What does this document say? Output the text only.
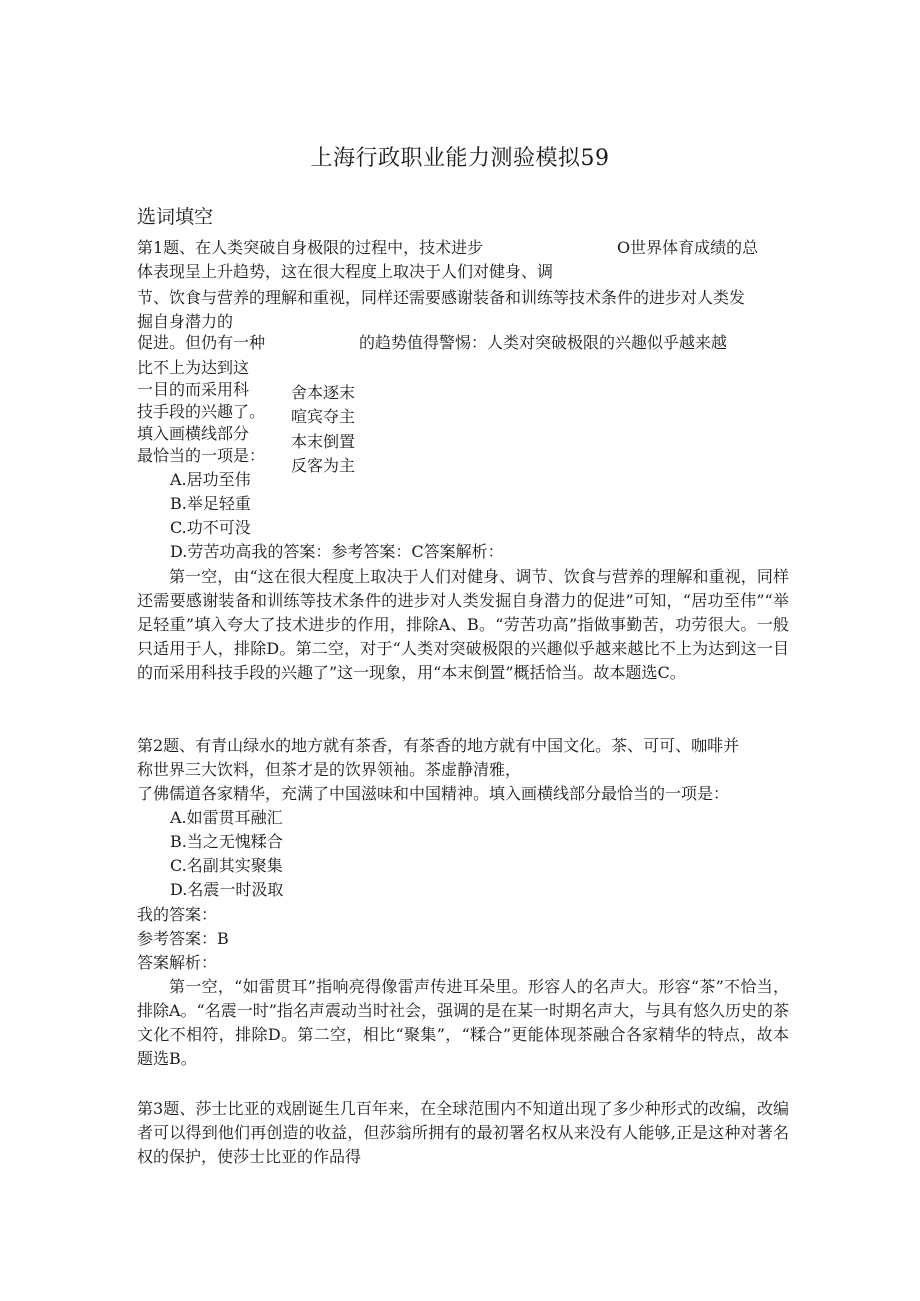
上海行政职业能力测验模拟59
选词填空
第1题、在人类突破自身极限的过程中，技术进步	O世界体育成绩的总
体表现呈上升趋势，这在很大程度上取决于人们对健身、调
节、饮食与营养的理解和重视，同样还需要感谢装备和训练等技术条件的进步对人类发
掘自身潜力的
促进。但仍有一种	的趋势值得警惕：人类对突破极限的兴趣似乎越来越
比不上为达到这
一目的而采用科
技手段的兴趣了。
填入画横线部分
最恰当的一项是：
舍本逐末
喧宾夺主
本末倒置
反客为主
A.居功至伟
B.举足轻重
C.功不可没
D.劳苦功高我的答案：参考答案：C答案解析：
第一空，由“这在很大程度上取决于人们对健身、调节、饮食与营养的理解和重视，同样还需要感谢装备和训练等技术条件的进步对人类发掘自身潜力的促进”可知，“居功至伟”“举足轻重”填入夸大了技术进步的作用，排除A、B。“劳苦功高”指做事勤苦，功劳很大。一般只适用于人，排除D。第二空，对于“人类对突破极限的兴趣似乎越来越比不上为达到这一目的而采用科技手段的兴趣了”这一现象，用“本末倒置”概括恰当。故本题选C。
第2题、有青山绿水的地方就有茶香，有茶香的地方就有中国文化。茶、可可、咖啡并
称世界三大饮料，但茶才是的饮界领袖。茶虚静清雅，
了佛儒道各家精华，充满了中国滋味和中国精神。填入画横线部分最恰当的一项是：
A.如雷贯耳融汇
B.当之无愧糅合
C.名副其实聚集
D.名震一时汲取
我的答案：
参考答案：B
答案解析：
第一空，“如雷贯耳”指响亮得像雷声传进耳朵里。形容人的名声大。形容“茶”不恰当，排除A。“名震一时”指名声震动当时社会，强调的是在某一时期名声大，与具有悠久历史的茶文化不相符，排除D。第二空，相比“聚集”，“糅合”更能体现茶融合各家精华的特点，故本题选B。
第3题、莎士比亚的戏剧诞生几百年来，在全球范围内不知道出现了多少种形式的改编，改编者可以得到他们再创造的收益，但莎翁所拥有的最初署名权从来没有人能够,正是这种对著名权的保护，使莎士比亚的作品得
